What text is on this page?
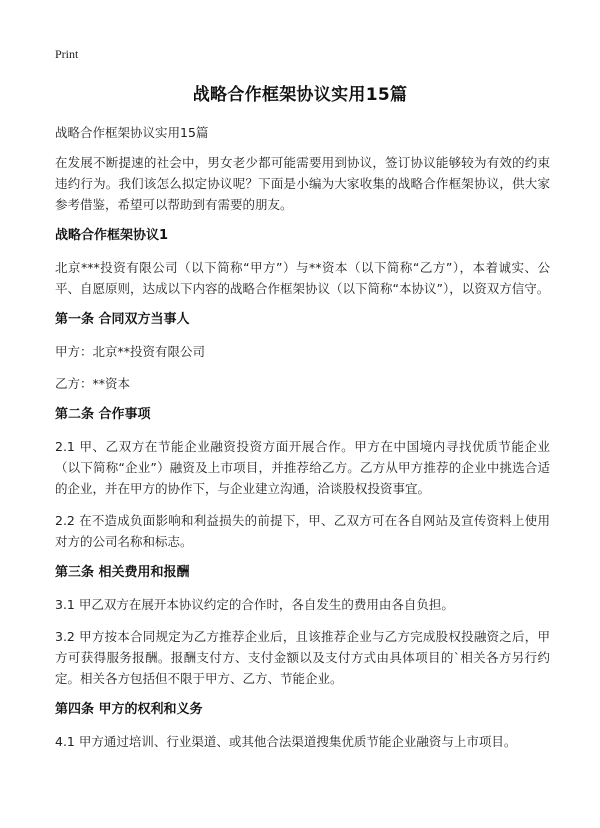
Print
战略合作框架协议实用15篇

战略合作框架协议实用15篇

在发展不断提速的社会中，男女老少都可能需要用到协议，签订协议能够较为有效的约束违约行为。我们该怎么拟定协议呢？下面是小编为大家收集的战略合作框架协议，供大家参考借鉴，希望可以帮助到有需要的朋友。

战略合作框架协议1

北京***投资有限公司（以下简称“甲方”）与**资本（以下简称“乙方”），本着诚实、公平、自愿原则，达成以下内容的战略合作框架协议（以下简称“本协议”），以资双方信守。

第一条 合同双方当事人

甲方：北京**投资有限公司

乙方：**资本

第二条 合作事项

2.1 甲、乙双方在节能企业融资投资方面开展合作。甲方在中国境内寻找优质节能企业（以下简称“企业”）融资及上市项目，并推荐给乙方。乙方从甲方推荐的企业中挑选合适的企业，并在甲方的协作下，与企业建立沟通，洽谈股权投资事宜。

2.2 在不造成负面影响和利益损失的前提下，甲、乙双方可在各自网站及宣传资料上使用对方的公司名称和标志。

第三条 相关费用和报酬

3.1 甲乙双方在展开本协议约定的合作时，各自发生的费用由各自负担。

3.2 甲方按本合同规定为乙方推荐企业后，且该推荐企业与乙方完成股权投融资之后，甲方可获得服务报酬。报酬支付方、支付金额以及支付方式由具体项目的`相关各方另行约定。相关各方包括但不限于甲方、乙方、节能企业。

第四条 甲方的权利和义务

4.1 甲方通过培训、行业渠道、或其他合法渠道搜集优质节能企业融资与上市项目。
